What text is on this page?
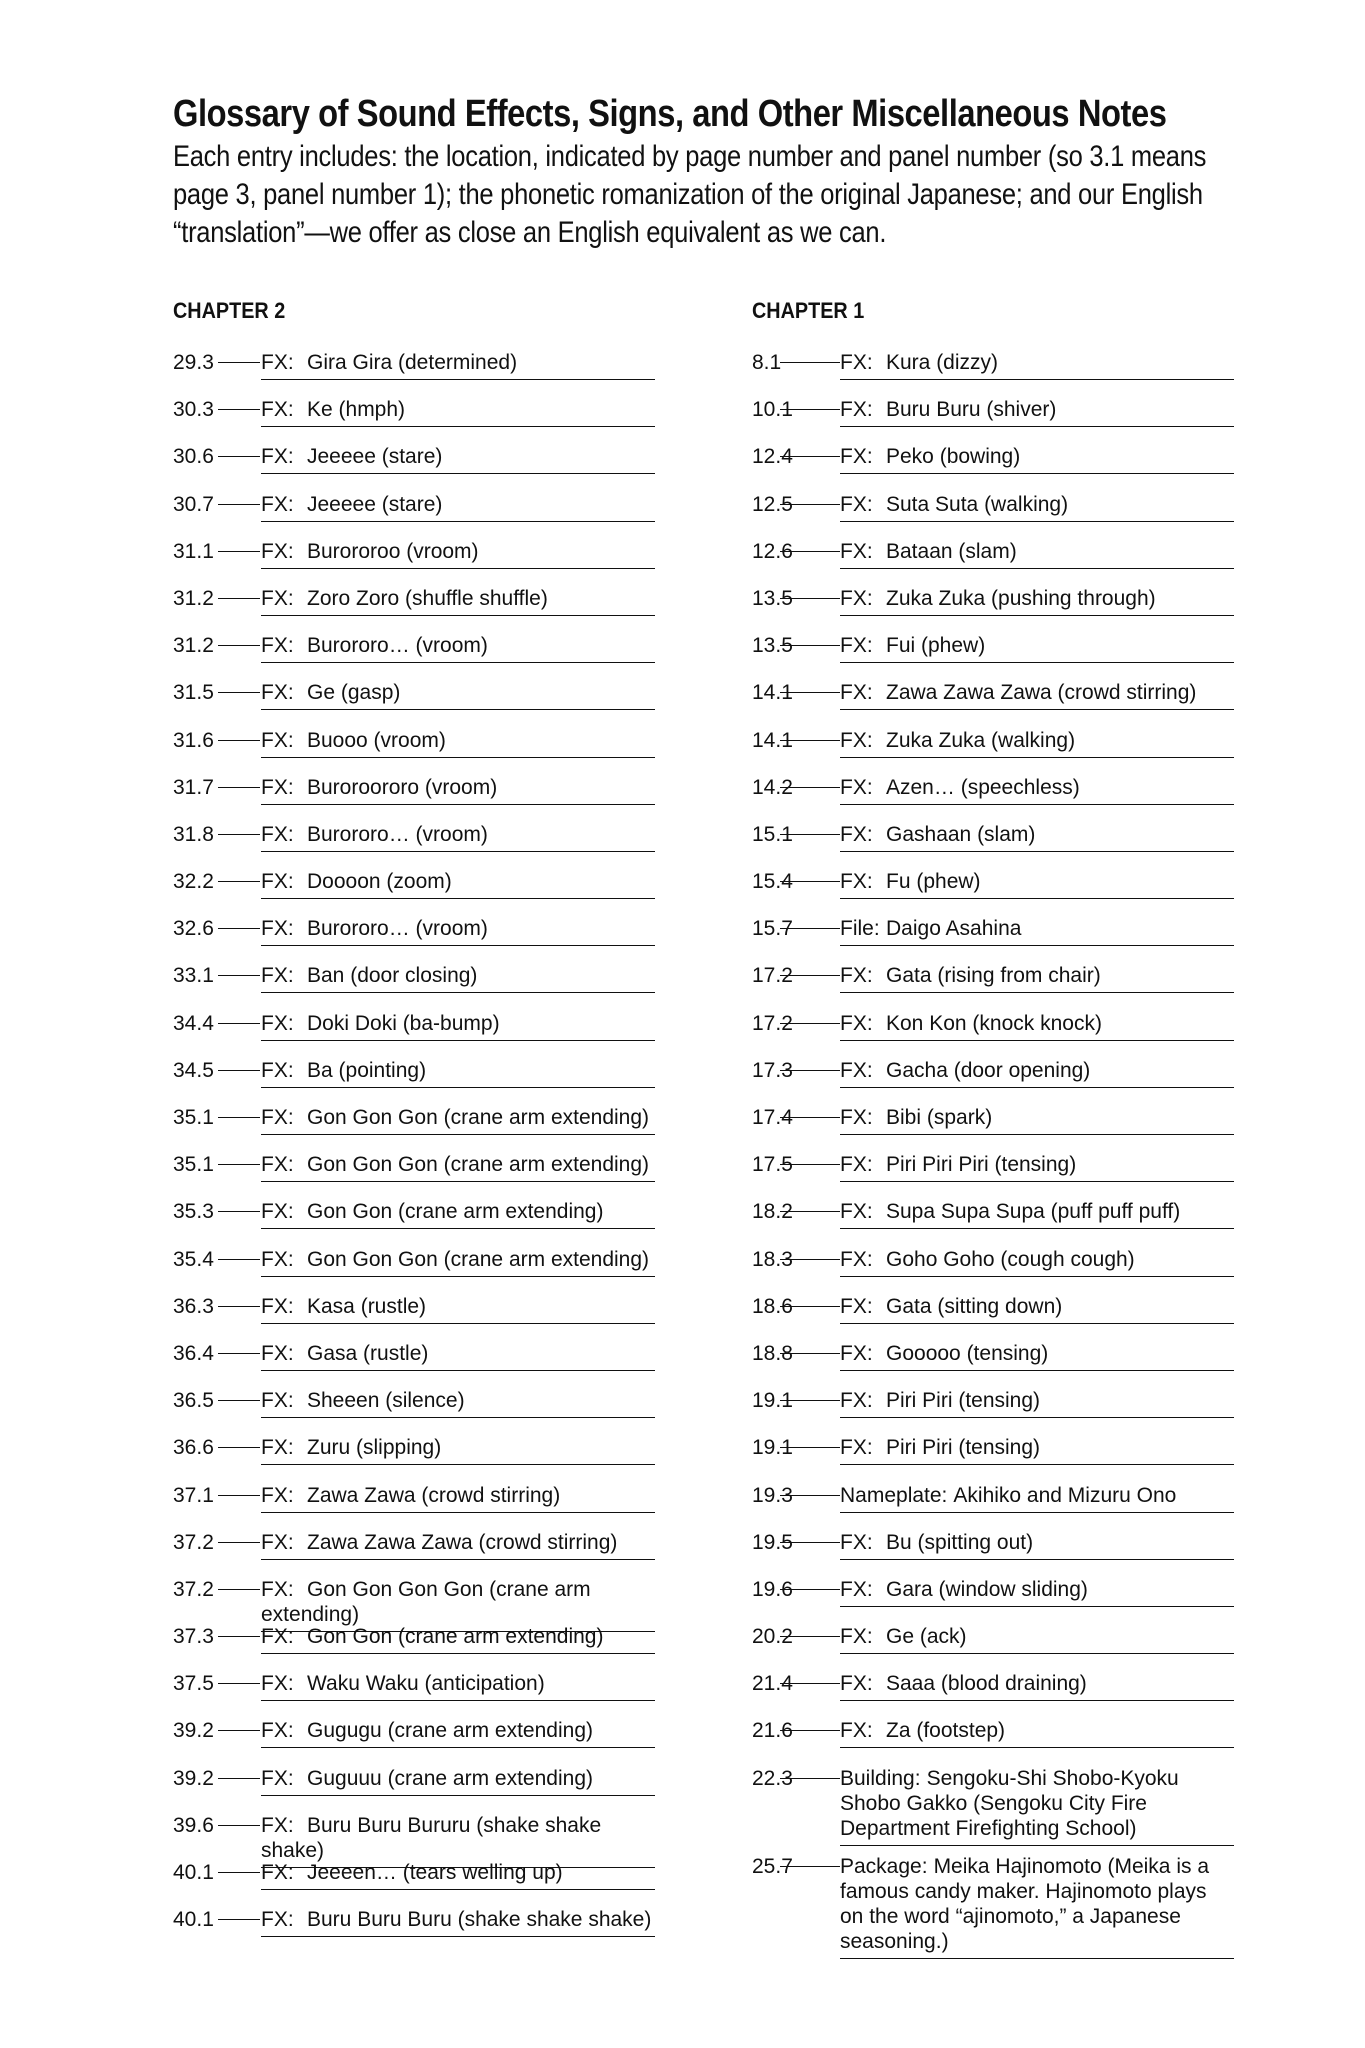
Glossary of Sound Effects, Signs, and Other Miscellaneous Notes
Each entry includes: the location, indicated by page number and panel number (so 3.1 means page 3, panel number 1); the phonetic romanization of the original Japanese; and our English “translation”—we offer as close an English equivalent as we can.
CHAPTER 2
29.3 FX: Gira Gira (determined)
30.3 FX: Ke (hmph)
30.6 FX: Jeeeee (stare)
30.7 FX: Jeeeee (stare)
31.1 FX: Burororoo (vroom)
31.2 FX: Zoro Zoro (shuffle shuffle)
31.2 FX: Burororo… (vroom)
31.5 FX: Ge (gasp)
31.6 FX: Buooo (vroom)
31.7 FX: Buroroororo (vroom)
31.8 FX: Burororo… (vroom)
32.2 FX: Doooon (zoom)
32.6 FX: Burororo… (vroom)
33.1 FX: Ban (door closing)
34.4 FX: Doki Doki (ba-bump)
34.5 FX: Ba (pointing)
35.1 FX: Gon Gon Gon (crane arm extending)
35.1 FX: Gon Gon Gon (crane arm extending)
35.3 FX: Gon Gon (crane arm extending)
35.4 FX: Gon Gon Gon (crane arm extending)
36.3 FX: Kasa (rustle)
36.4 FX: Gasa (rustle)
36.5 FX: Sheeen (silence)
36.6 FX: Zuru (slipping)
37.1 FX: Zawa Zawa (crowd stirring)
37.2 FX: Zawa Zawa Zawa (crowd stirring)
37.2 FX: Gon Gon Gon Gon (crane arm extending)
37.3 FX: Gon Gon (crane arm extending)
37.5 FX: Waku Waku (anticipation)
39.2 FX: Gugugu (crane arm extending)
39.2 FX: Guguuu (crane arm extending)
39.6 FX: Buru Buru Bururu (shake shake shake)
40.1 FX: Jeeeen… (tears welling up)
40.1 FX: Buru Buru Buru (shake shake shake)
CHAPTER 1
8.1	FX: Kura (dizzy)
10.1 FX: Buru Buru (shiver)
12.4 FX: Peko (bowing)
12.5 FX: Suta Suta (walking)
12.6 FX: Bataan (slam)
13.5 FX: Zuka Zuka (pushing through)
13.5 FX: Fui (phew)
14.1 FX: Zawa Zawa Zawa (crowd stirring)
14.1 FX: Zuka Zuka (walking)
14.2 FX: Azen… (speechless)
15.1 FX: Gashaan (slam)
15.4 FX: Fu (phew)
15.7 File: Daigo Asahina
17.2 FX: Gata (rising from chair)
17.2 FX: Kon Kon (knock knock)
17.3 FX: Gacha (door opening)
17.4 FX: Bibi (spark)
17.5 FX: Piri Piri Piri (tensing)
18.2 FX: Supa Supa Supa (puff puff puff)
18.3 FX: Goho Goho (cough cough)
18.6 FX: Gata (sitting down)
18.8 FX: Gooooo (tensing)
19.1 FX: Piri Piri (tensing)
19.1 FX: Piri Piri (tensing)
19.3 Nameplate: Akihiko and Mizuru Ono
19.5 FX: Bu (spitting out)
19.6 FX: Gara (window sliding)
20.2 FX: Ge (ack)
21.4 FX: Saaa (blood draining)
21.6 FX: Za (footstep)
22.3 Building: Sengoku-Shi Shobo-Kyoku Shobo Gakko (Sengoku City Fire Department Firefighting School)
25.7 Package: Meika Hajinomoto (Meika is a famous candy maker. Hajinomoto plays on the word “ajinomoto,” a Japanese seasoning.)
